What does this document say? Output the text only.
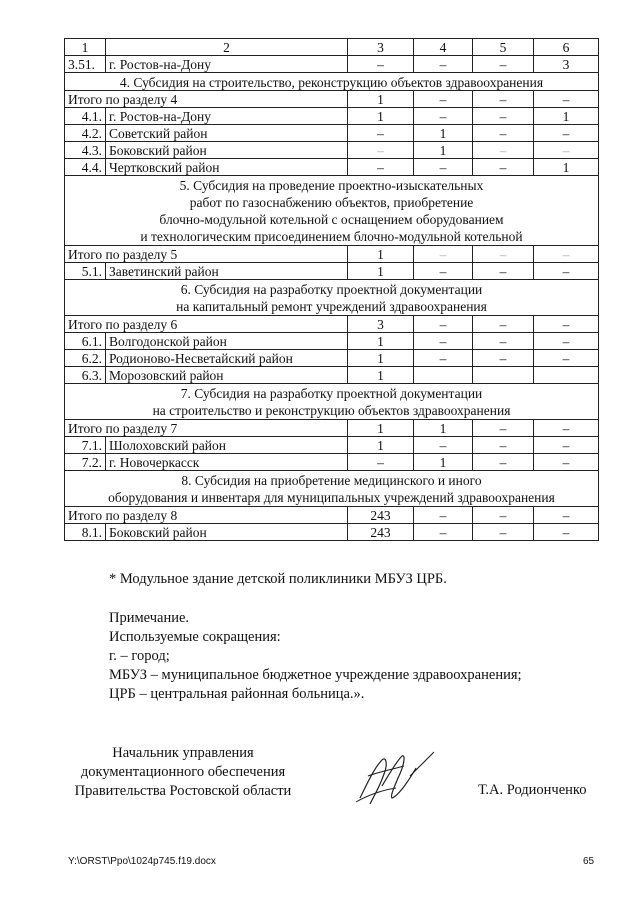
1	2	3	4	5	6
3.51.	г. Ростов-на-Дону	–	–	–	3
4. Субсидия на строительство, реконструкцию объектов здравоохранения					
Итого по разделу 4		1	–	–	–
4.1.	г. Ростов-на-Дону	1	–	–	1
4.2.	Советский район	–	1	–	–
4.3.	Боковский район	–	1	–	–
4.4.	Чертковский район	–	–	–	1

5. Субсидия на проведение проектно-изыскательных
работ по газоснабжению объектов, приобретение
блочно-модульной котельной с оснащением оборудованием
и технологическим присоединением блочно-модульной котельной					

Итого по разделу 5		1	–	–	–
5.1.	Заветинский район	1	–	–	–

6. Субсидия на разработку проектной документации
на капитальный ремонт учреждений здравоохранения					

Итого по разделу 6		3	–	–	–
6.1.	Волгодонской район	1	–	–	–
6.2.	Родионово-Несветайский район	1	–	–	–
6.3.	Морозовский район	1			

7. Субсидия на разработку проектной документации
на строительство и реконструкцию объектов здравоохранения					

Итого по разделу 7		1	1	–	–
7.1.	Шолоховский район	1	–	–	–
7.2.	г. Новочеркасск	–	1	–	–

8. Субсидия на приобретение медицинского и иного
оборудования и инвентаря для муниципальных учреждений здравоохранения					

Итого по разделу 8		243	–	–	–
8.1.	Боковский район	243	–	–	–
* Модульное здание детской поликлиники МБУЗ ЦРБ.
Примечание.
Используемые сокращения:
г. – город;
МБУЗ – муниципальное бюджетное учреждение здравоохранения;
ЦРБ – центральная районная больница.».
Начальник управления
документационного обеспечения
Правительства Ростовской области	Т.А. Родионченко
Y:\ORST\Ppo\1024p745.f19.docx	65
